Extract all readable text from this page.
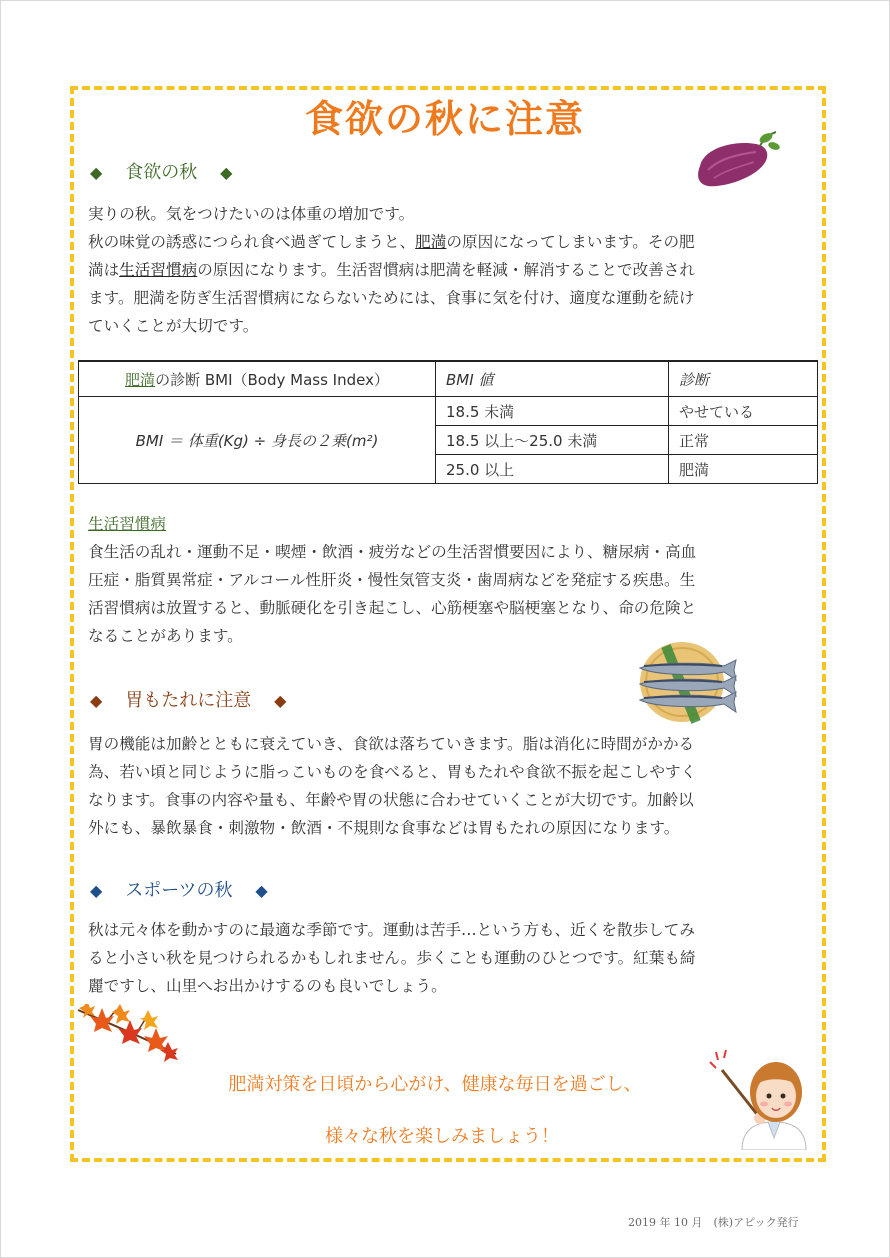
食欲の秋に注意
◆ 食欲の秋 ◆
実りの秋。気をつけたいのは体重の増加です。
秋の味覚の誘惑につられ食べ過ぎてしまうと、肥満の原因になってしまいます。その肥
満は生活習慣病の原因になります。生活習慣病は肥満を軽減・解消することで改善され
ます。肥満を防ぎ生活習慣病にならないためには、食事に気を付け、適度な運動を続け
ていくことが大切です。
肥満の診断 BMI（Body Mass Index）	BMI 値	診断
BMI ＝ 体重(Kg) ÷ 身長の２乗(m²)	18.5 未満	やせている
	18.5 以上～25.0 未満	正常
	25.0 以上	肥満
生活習慣病
食生活の乱れ・運動不足・喫煙・飲酒・疲労などの生活習慣要因により、糖尿病・高血
圧症・脂質異常症・アルコール性肝炎・慢性気管支炎・歯周病などを発症する疾患。生
活習慣病は放置すると、動脈硬化を引き起こし、心筋梗塞や脳梗塞となり、命の危険と
なることがあります。
◆ 胃もたれに注意 ◆
胃の機能は加齢とともに衰えていき、食欲は落ちていきます。脂は消化に時間がかかる
為、若い頃と同じように脂っこいものを食べると、胃もたれや食欲不振を起こしやすく
なります。食事の内容や量も、年齢や胃の状態に合わせていくことが大切です。加齢以
外にも、暴飲暴食・刺激物・飲酒・不規則な食事などは胃もたれの原因になります。
◆ スポーツの秋 ◆
秋は元々体を動かすのに最適な季節です。運動は苦手…という方も、近くを散歩してみ
ると小さい秋を見つけられるかもしれません。歩くことも運動のひとつです。紅葉も綺
麗ですし、山里へお出かけするのも良いでしょう。
肥満対策を日頃から心がけ、健康な毎日を過ごし、
様々な秋を楽しみましょう！
2019 年 10 月　(株)アピック発行
